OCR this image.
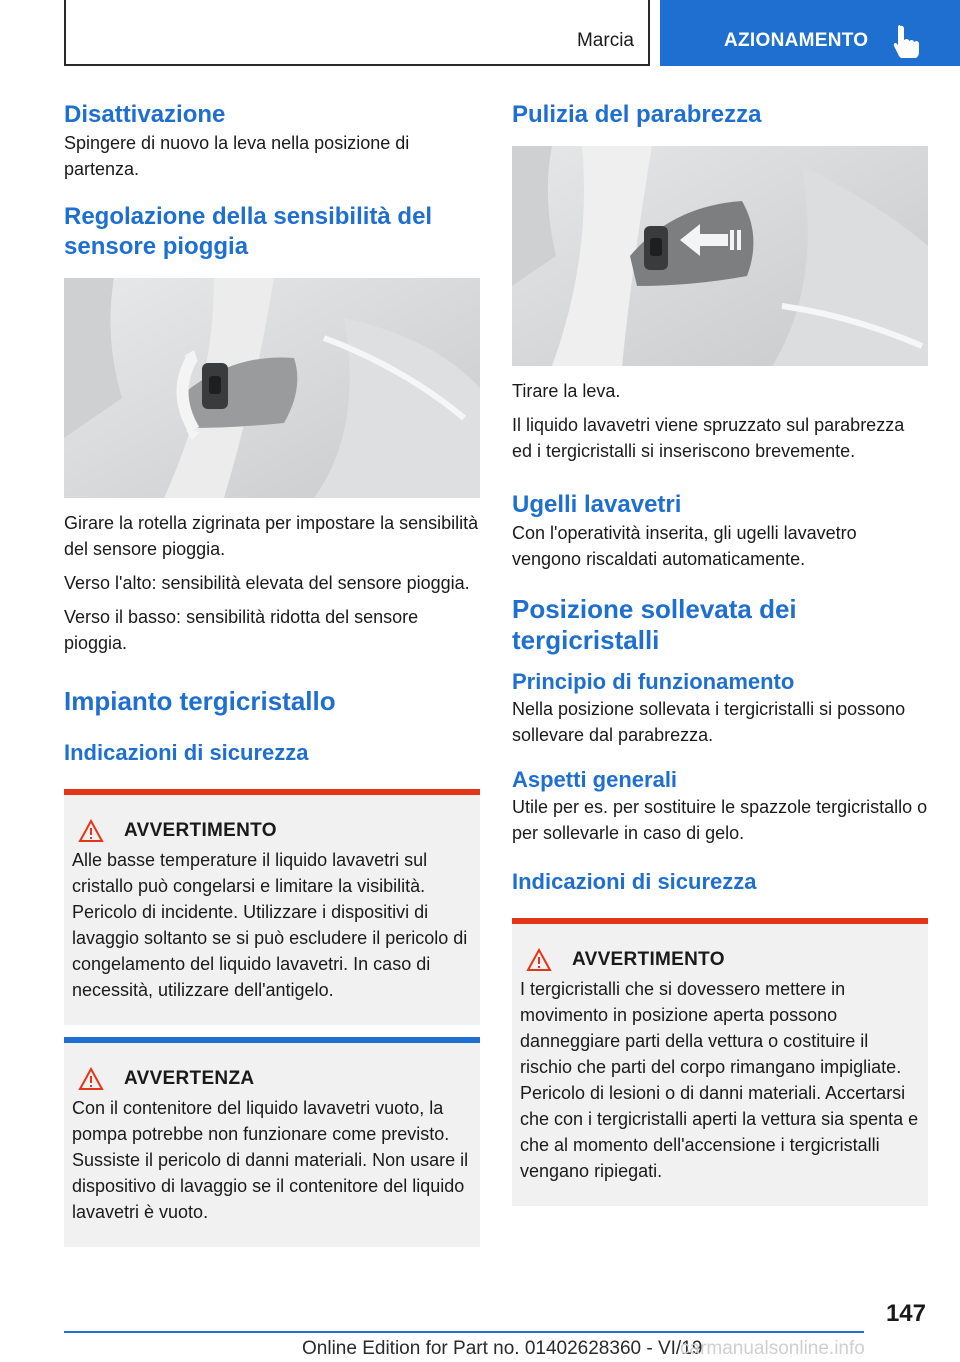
Marcia	AZIONAMENTO
Disattivazione

Spingere di nuovo la leva nella posizione di partenza.

Regolazione della sensibilità del sensore pioggia

Girare la rotella zigrinata per impostare la sensibilità del sensore pioggia.

Verso l'alto: sensibilità elevata del sensore pioggia.

Verso il basso: sensibilità ridotta del sensore pioggia.

Impianto tergicristallo
Indicazioni di sicurezza
AVVERTIMENTO

Alle basse temperature il liquido lavavetri sul cristallo può congelarsi e limitare la visibilità. Pericolo di incidente. Utilizzare i dispositivi di lavaggio soltanto se si può escludere il pericolo di congelamento del liquido lavavetri. In caso di necessità, utilizzare dell'antigelo.

AVVERTENZA

Con il contenitore del liquido lavavetri vuoto, la pompa potrebbe non funzionare come previsto. Sussiste il pericolo di danni materiali. Non usare il dispositivo di lavaggio se il contenitore del liquido lavavetri è vuoto.

Pulizia del parabrezza

Tirare la leva.

Il liquido lavavetri viene spruzzato sul parabrezza ed i tergicristalli si inseriscono brevemente.

Ugelli lavavetri

Con l'operatività inserita, gli ugelli lavavetro vengono riscaldati automaticamente.

Posizione sollevata dei tergicristalli
Principio di funzionamento

Nella posizione sollevata i tergicristalli si possono sollevare dal parabrezza.

Aspetti generali

Utile per es. per sostituire le spazzole tergicristallo o per sollevarle in caso di gelo.

Indicazioni di sicurezza
AVVERTIMENTO

I tergicristalli che si dovessero mettere in movimento in posizione aperta possono danneggiare parti della vettura o costituire il rischio che parti del corpo rimangano impigliate. Pericolo di lesioni o di danni materiali. Accertarsi che con i tergicristalli aperti la vettura sia spenta e che al momento dell'accensione i tergicristalli vengano ripiegati.

147
Online Edition for Part no. 01402628360 - VI/19
carmanualsonline.info
